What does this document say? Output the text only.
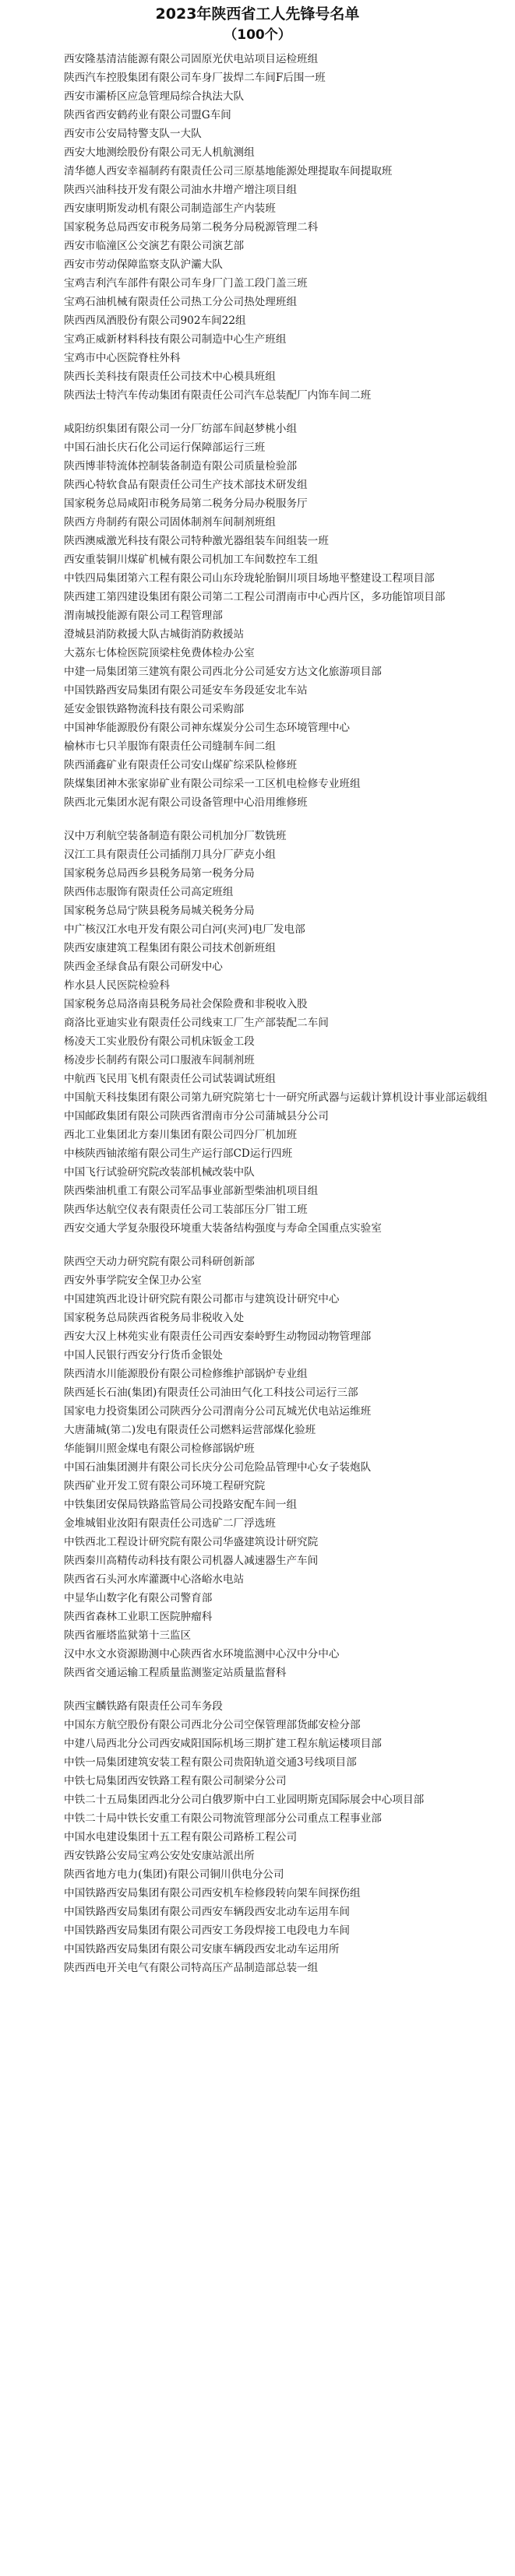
2023年陕西省工人先锋号名单
（100个）
西安隆基清洁能源有限公司固原光伏电站项目运检班组
陕西汽车控股集团有限公司车身厂拔焊二车间F后围一班
西安市灞桥区应急管理局综合执法大队
陕西省西安鹤药业有限公司盟G车间
西安市公安局特警支队一大队
西安大地测绘股份有限公司无人机航测组
清华德人西安幸福制药有限责任公司三原基地能源处理提取车间提取班
陕西兴油科技开发有限公司油水井增产增注项目组
西安康明斯发动机有限公司制造部生产内装班
国家税务总局西安市税务局第二税务分局税源管理二科
西安市临潼区公交演艺有限公司演艺部
西安市劳动保障监察支队沪灞大队
宝鸡吉利汽车部件有限公司车身厂门盖工段门盖三班
宝鸡石油机械有限责任公司热工分公司热处理班组
陕西西凤酒股份有限公司902车间22组
宝鸡正威新材料科技有限公司制造中心生产班组
宝鸡市中心医院脊柱外科
陕西长美科技有限责任公司技术中心模具班组
陕西法士特汽车传动集团有限责任公司汽车总装配厂内饰车间二班
咸阳纺织集团有限公司一分厂纺部车间赵梦桃小组
中国石油长庆石化公司运行保障部运行三班
陕西博菲特流体控制装备制造有限公司质量检验部
陕西心特软食品有限责任公司生产技术部技术研发组
国家税务总局咸阳市税务局第二税务分局办税服务厅
陕西方舟制药有限公司固体制剂车间制剂班组
陕西澳威激光科技有限公司特种激光器组装车间组装一班
西安重装铜川煤矿机械有限公司机加工车间数控车工组
中铁四局集团第六工程有限公司山东玲珑轮胎铜川项目场地平整建设工程项目部
陕西建工第四建设集团有限公司第二工程公司渭南市中心西片区，多功能馆项目部
渭南城投能源有限公司工程管理部
澄城县消防救援大队古城街消防救援站
大荔东七体检医院顶梁柱免费体检办公室
中建一局集团第三建筑有限公司西北分公司延安方达文化旅游项目部
中国铁路西安局集团有限公司延安车务段延安北车站
延安金银铁路物流科技有限公司采购部
中国神华能源股份有限公司神东煤炭分公司生态环境管理中心
榆林市七只羊服饰有限责任公司缝制车间二组
陕西涌鑫矿业有限责任公司安山煤矿综采队检修班
陕煤集团神木张家峁矿业有限公司综采一工区机电检修专业班组
陕西北元集团水泥有限公司设备管理中心沿用维修班
汉中万利航空装备制造有限公司机加分厂数铣班
汉江工具有限责任公司插削刀具分厂萨克小组
国家税务总局西乡县税务局第一税务分局
陕西伟志服饰有限责任公司高定班组
国家税务总局宁陕县税务局城关税务分局
中广核汉江水电开发有限公司白河(夹河)电厂发电部
陕西安康建筑工程集团有限公司技术创新班组
陕西金圣绿食品有限公司研发中心
柞水县人民医院检验科
国家税务总局洛南县税务局社会保险费和非税收入股
商洛比亚迪实业有限责任公司线束工厂生产部装配二车间
杨凌天工实业股份有限公司机床钣金工段
杨凌步长制药有限公司口服液车间制剂班
中航西飞民用飞机有限责任公司试装调试班组
中国航天科技集团有限公司第九研究院第七十一研究所武器与运载计算机设计事业部运载组
中国邮政集团有限公司陕西省渭南市分公司蒲城县分公司
西北工业集团北方秦川集团有限公司四分厂机加班
中核陕西铀浓缩有限公司生产运行部CD运行四班
中国飞行试验研究院改装部机械改装中队
陕西柴油机重工有限公司军品事业部新型柴油机项目组
陕西华达航空仪表有限责任公司工装部压分厂钳工班
西安交通大学复杂服役环境重大装备结构强度与寿命全国重点实验室
陕西空天动力研究院有限公司科研创新部
西安外事学院安全保卫办公室
中国建筑西北设计研究院有限公司都市与建筑设计研究中心
国家税务总局陕西省税务局非税收入处
西安大汉上林苑实业有限责任公司西安秦岭野生动物园动物管理部
中国人民银行西安分行货币金银处
陕西清水川能源股份有限公司检修维护部锅炉专业组
陕西延长石油(集团)有限责任公司油田气化工科技公司运行三部
国家电力投资集团公司陕西分公司渭南分公司瓦城光伏电站运维班
大唐蒲城(第二)发电有限责任公司燃料运营部煤化验班
华能铜川照金煤电有限公司检修部锅炉班
中国石油集团测井有限公司长庆分公司危险品管理中心女子装炮队
陕西矿业开发工贸有限公司环境工程研究院
中铁集团安保局铁路监管局公司投路安配车间一组
金堆城钼业汝阳有限责任公司选矿二厂浮选班
中铁西北工程设计研究院有限公司华盛建筑设计研究院
陕西秦川高精传动科技有限公司机器人减速器生产车间
陕西省石头河水库灌溉中心洛峪水电站
中显华山数字化有限公司警育部
陕西省森林工业职工医院肿瘤科
陕西省雁塔监狱第十三监区
汉中水文水资源勘测中心陕西省水环境监测中心汉中分中心
陕西省交通运输工程质量监测鉴定站质量监督科
陕西宝麟铁路有限责任公司车务段
中国东方航空股份有限公司西北分公司空保管理部货邮安检分部
中建八局西北分公司西安咸阳国际机场三期扩建工程东航运楼项目部
中铁一局集团建筑安装工程有限公司贵阳轨道交通3号线项目部
中铁七局集团西安铁路工程有限公司制梁分公司
中铁二十五局集团西北分公司白俄罗斯中白工业园明斯克国际展会中心项目部
中铁二十局中铁长安重工有限公司物流管理部分公司重点工程事业部
中国水电建设集团十五工程有限公司路桥工程公司
西安铁路公安局宝鸡公安处安康站派出所
陕西省地方电力(集团)有限公司铜川供电分公司
中国铁路西安局集团有限公司西安机车检修段转向架车间探伤组
中国铁路西安局集团有限公司西安车辆段西安北动车运用车间
中国铁路西安局集团有限公司西安工务段焊接工电段电力车间
中国铁路西安局集团有限公司安康车辆段西安北动车运用所
陕西西电开关电气有限公司特高压产品制造部总装一组
